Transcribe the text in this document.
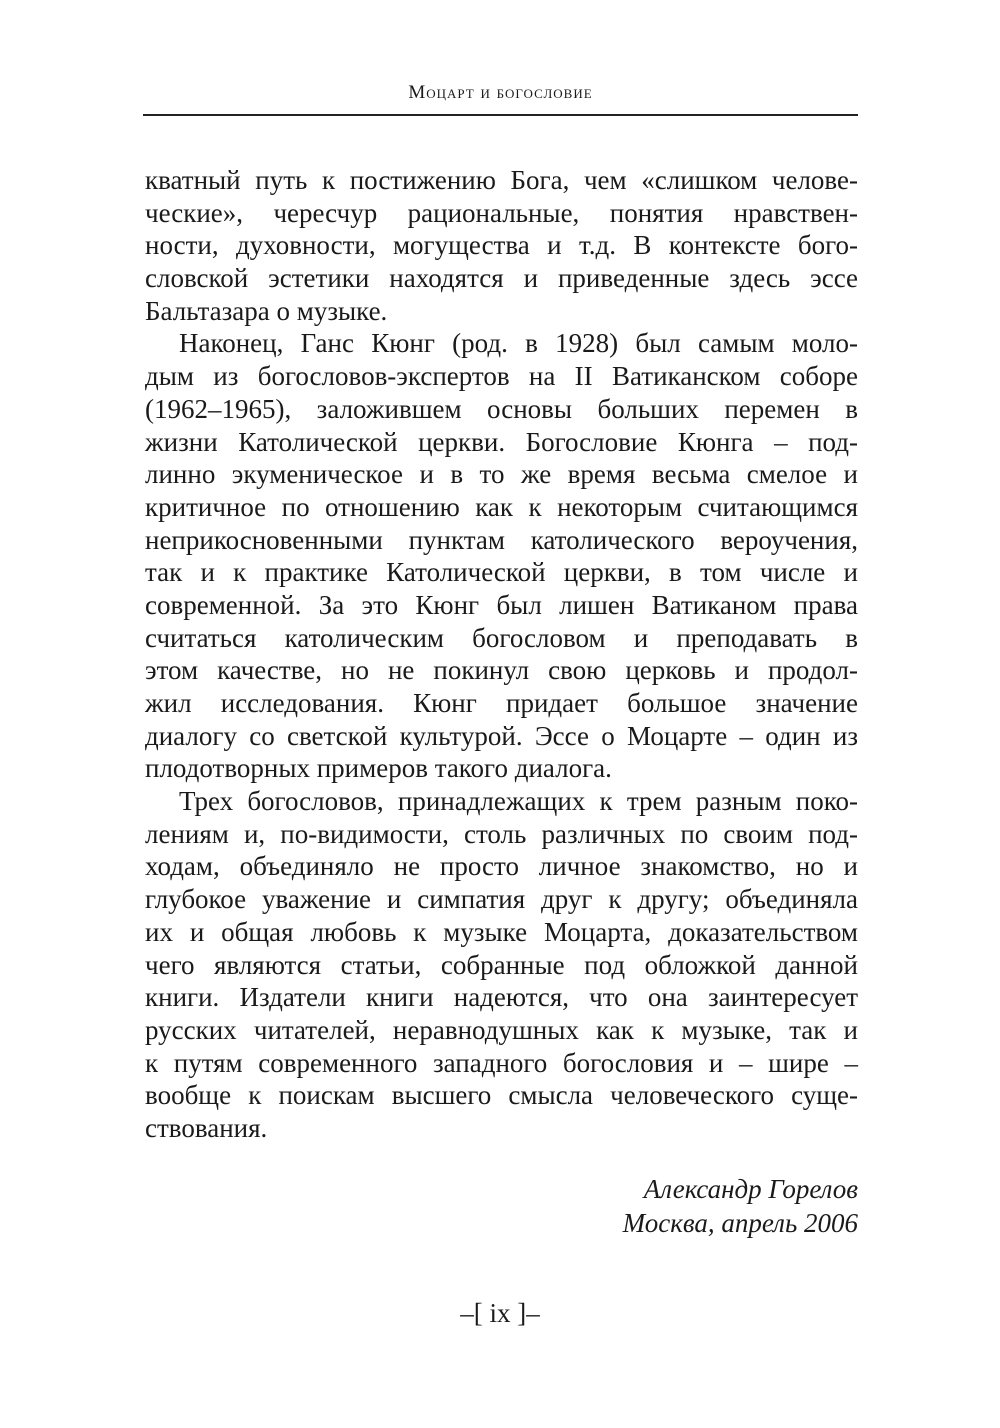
Моцарт и богословие
кватный путь к постижению Бога, чем «слишком челове-
ческие», чересчур рациональные, понятия нравствен-
ности, духовности, могущества и т.д. В контексте бого-
словской эстетики находятся и приведенные здесь эссе
Бальтазара о музыке.
Наконец, Ганс Кюнг (род. в 1928) был самым моло-
дым из богословов-экспертов на II Ватиканском соборе
(1962–1965), заложившем основы больших перемен в
жизни Католической церкви. Богословие Кюнга – под-
линно экуменическое и в то же время весьма смелое и
критичное по отношению как к некоторым считающимся
неприкосновенными пунктам католического вероучения,
так и к практике Католической церкви, в том числе и
современной. За это Кюнг был лишен Ватиканом права
считаться католическим богословом и преподавать в
этом качестве, но не покинул свою церковь и продол-
жил исследования. Кюнг придает большое значение
диалогу со светской культурой. Эссе о Моцарте – один из
плодотворных примеров такого диалога.
Трех богословов, принадлежащих к трем разным поко-
лениям и, по-видимости, столь различных по своим под-
ходам, объединяло не просто личное знакомство, но и
глубокое уважение и симпатия друг к другу; объединяла
их и общая любовь к музыке Моцарта, доказательством
чего являются статьи, собранные под обложкой данной
книги. Издатели книги надеются, что она заинтересует
русских читателей, неравнодушных как к музыке, так и
к путям современного западного богословия и – шире –
вообще к поискам высшего смысла человеческого суще-
ствования.
Александр Горелов
Москва, апрель 2006
–[ ix ]–
